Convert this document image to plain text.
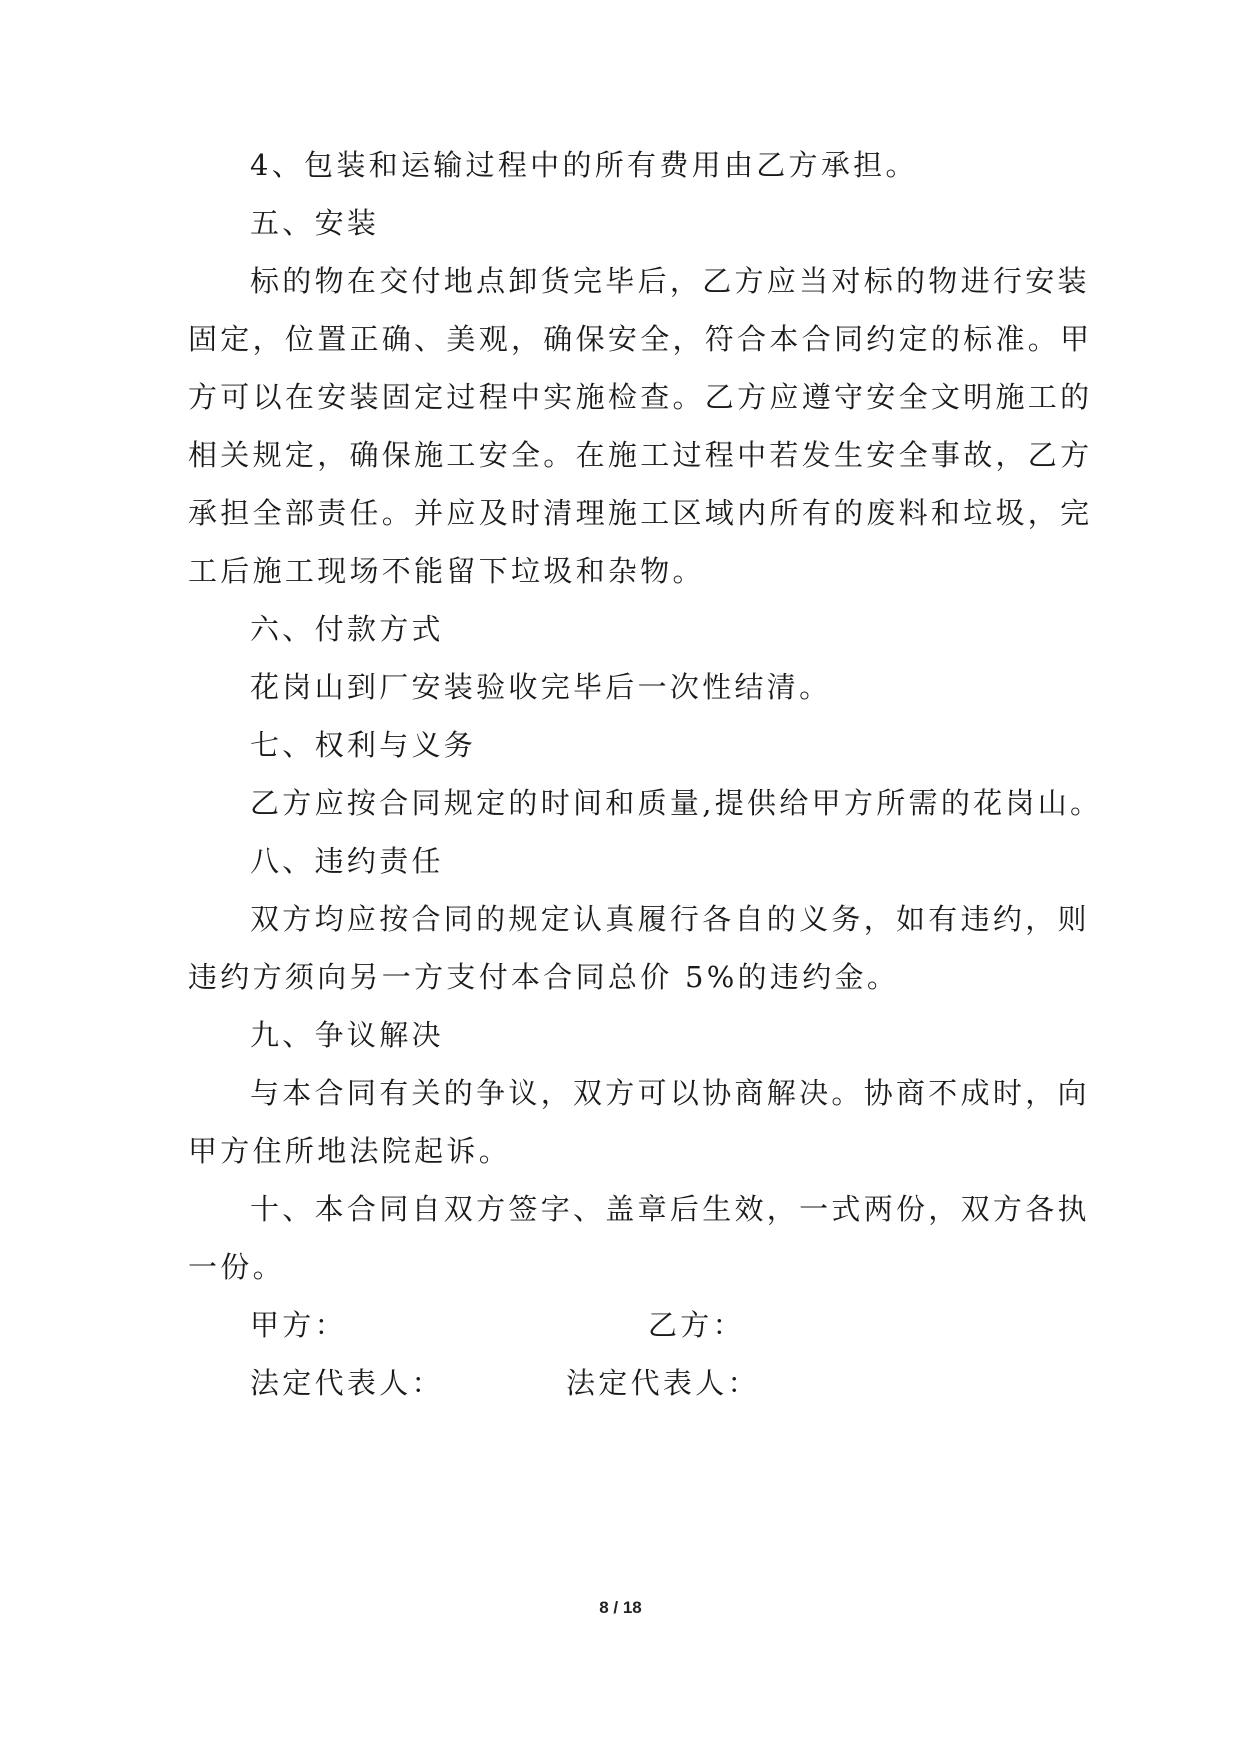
4、包装和运输过程中的所有费用由乙方承担。
五、安装
标的物在交付地点卸货完毕后，乙方应当对标的物进行安装
固定，位置正确、美观，确保安全，符合本合同约定的标准。甲
方可以在安装固定过程中实施检查。乙方应遵守安全文明施工的
相关规定，确保施工安全。在施工过程中若发生安全事故，乙方
承担全部责任。并应及时清理施工区域内所有的废料和垃圾，完
工后施工现场不能留下垃圾和杂物。
六、付款方式
花岗山到厂安装验收完毕后一次性结清。
七、权利与义务
乙方应按合同规定的时间和质量,提供给甲方所需的花岗山。
八、违约责任
双方均应按合同的规定认真履行各自的义务，如有违约，则
违约方须向另一方支付本合同总价 5%的违约金。
九、争议解决
与本合同有关的争议，双方可以协商解决。协商不成时，向
甲方住所地法院起诉。
十、本合同自双方签字、盖章后生效，一式两份，双方各执
一份。
甲方：	乙方：
法定代表人：	法定代表人：
8 / 18
